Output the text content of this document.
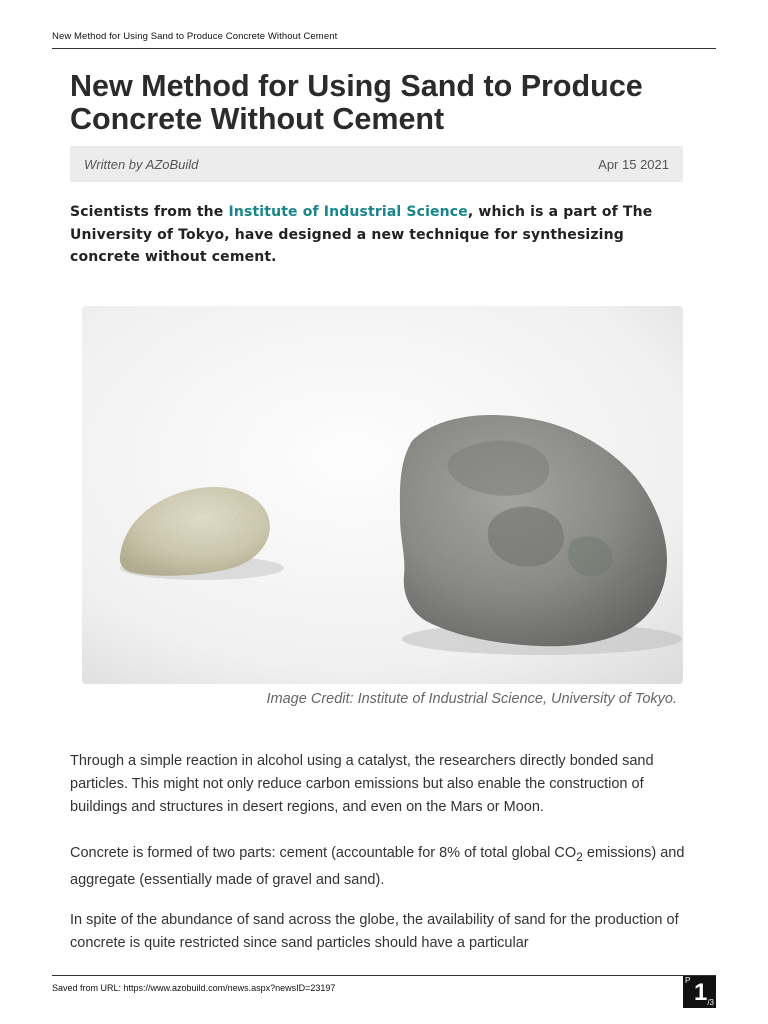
New Method for Using Sand to Produce Concrete Without Cement
New Method for Using Sand to Produce Concrete Without Cement
Written by AZoBuild	Apr 15 2021

Scientists from the Institute of Industrial Science, which is a part of The University of Tokyo, have designed a new technique for synthesizing concrete without cement.

Image Credit: Institute of Industrial Science, University of Tokyo.

Through a simple reaction in alcohol using a catalyst, the researchers directly bonded sand particles. This might not only reduce carbon emissions but also enable the construction of buildings and structures in desert regions, and even on the Mars or Moon.

Concrete is formed of two parts: cement (accountable for 8% of total global $CO_2$ emissions) and aggregate (essentially made of gravel and sand).

In spite of the abundance of sand across the globe, the availability of sand for the production of concrete is quite restricted since sand particles should have a particular

Saved from URL: https://www.azobuild.com/news.aspx?newsID=23197
P 1 /3
